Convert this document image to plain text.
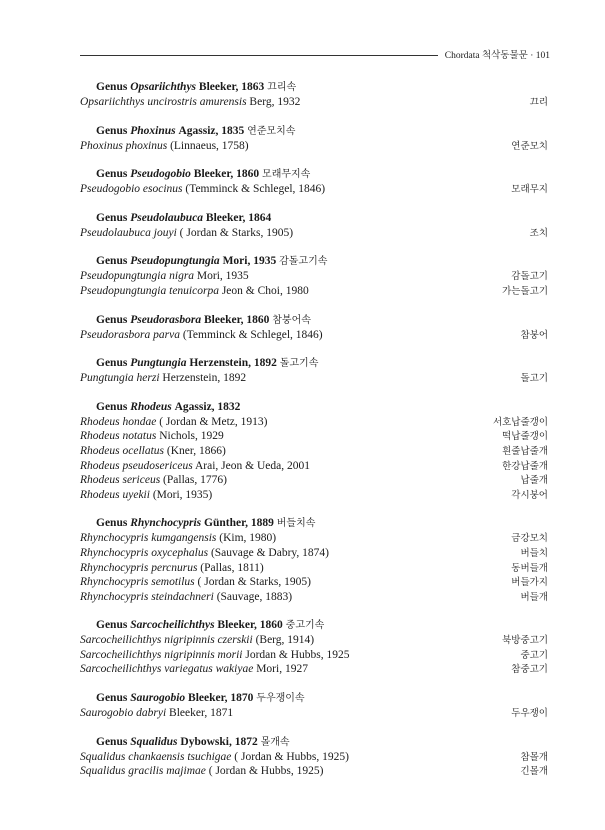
Chordata 척삭동물문 · 101
Genus Opsariichthys Bleeker, 1863 끄리속
Opsariichthys uncirostris amurensis Berg, 1932	끄리
Genus Phoxinus Agassiz, 1835 연준모치속
Phoxinus phoxinus (Linnaeus, 1758)	연준모치
Genus Pseudogobio Bleeker, 1860 모래무지속
Pseudogobio esocinus (Temminck & Schlegel, 1846)	모래무지
Genus Pseudolaubuca Bleeker, 1864
Pseudolaubuca jouyi ( Jordan & Starks, 1905)	조치
Genus Pseudopungtungia Mori, 1935 감돌고기속
Pseudopungtungia nigra Mori, 1935	감돌고기
Pseudopungtungia tenuicorpa Jeon & Choi, 1980	가는돌고기
Genus Pseudorasbora Bleeker, 1860 참붕어속
Pseudorasbora parva (Temminck & Schlegel, 1846)	참붕어
Genus Pungtungia Herzenstein, 1892 돌고기속
Pungtungia herzi Herzenstein, 1892	돌고기
Genus Rhodeus Agassiz, 1832
Rhodeus hondae ( Jordan & Metz, 1913)	서호납줄갱이
Rhodeus notatus Nichols, 1929	떡납줄갱이
Rhodeus ocellatus (Kner, 1866)	흰줄납줄개
Rhodeus pseudosericeus Arai, Jeon & Ueda, 2001	한강납줄개
Rhodeus sericeus (Pallas, 1776)	납줄개
Rhodeus uyekii (Mori, 1935)	각시붕어
Genus Rhynchocypris Günther, 1889 버들치속
Rhynchocypris kumgangensis (Kim, 1980)	금강모치
Rhynchocypris oxycephalus (Sauvage & Dabry, 1874)	버들치
Rhynchocypris percnurus (Pallas, 1811)	동버들개
Rhynchocypris semotilus ( Jordan & Starks, 1905)	버들가지
Rhynchocypris steindachneri (Sauvage, 1883)	버들개
Genus Sarcocheilichthys Bleeker, 1860 중고기속
Sarcocheilichthys nigripinnis czerskii (Berg, 1914)	북방중고기
Sarcocheilichthys nigripinnis morii Jordan & Hubbs, 1925	중고기
Sarcocheilichthys variegatus wakiyae Mori, 1927	참중고기
Genus Saurogobio Bleeker, 1870 두우쟁이속
Saurogobio dabryi Bleeker, 1871	두우쟁이
Genus Squalidus Dybowski, 1872 몰개속
Squalidus chankaensis tsuchigae ( Jordan & Hubbs, 1925)	참몰개
Squalidus gracilis majimae ( Jordan & Hubbs, 1925)	긴몰개
